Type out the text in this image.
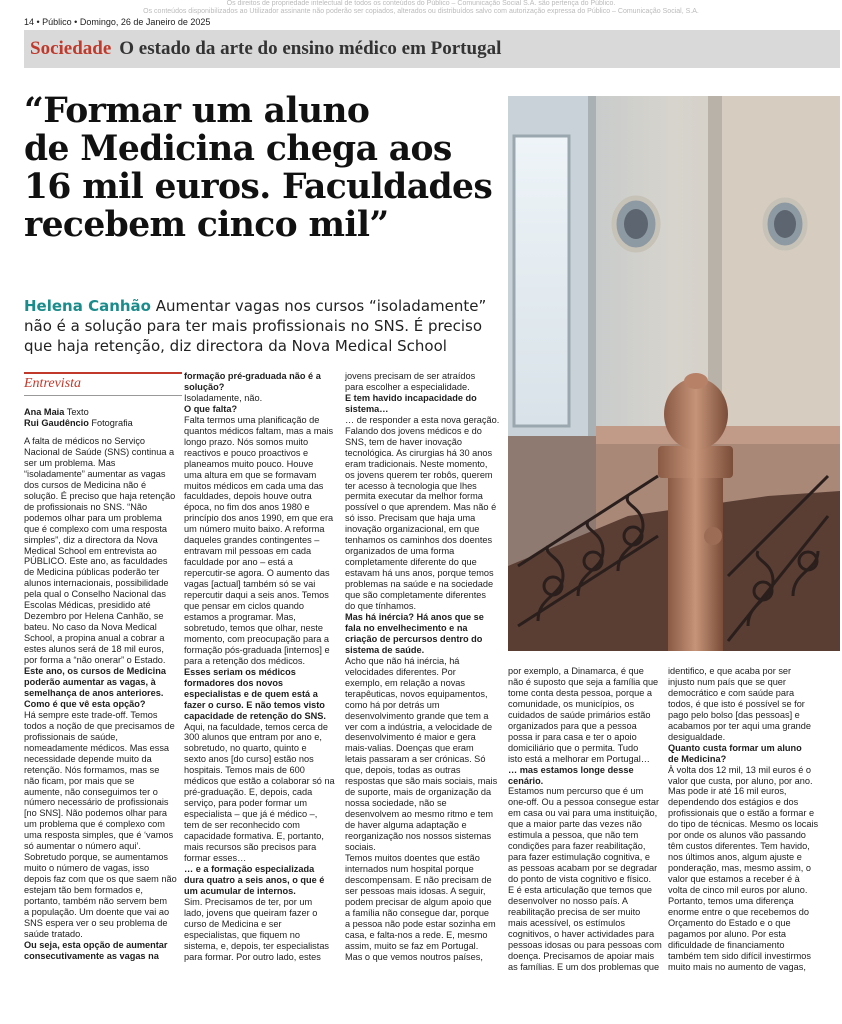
Os direitos de propriedade intelectual de todos os conteúdos do Público – Comunicação Social S.A. são pertença do Público.
Os conteúdos disponibilizados ao Utilizador assinante não poderão ser copiados, alterados ou distribuídos salvo com autorização expressa do Público – Comunicação Social, S.A.
14 • Público • Domingo, 26 de Janeiro de 2025
Sociedade O estado da arte do ensino médico em Portugal
“Formar um aluno
de Medicina chega aos
16 mil euros. Faculdades
recebem cinco mil”
Helena Canhão Aumentar vagas nos cursos “isoladamente”
não é a solução para ter mais profissionais no SNS. É preciso
que haja retenção, diz directora da Nova Medical School
Entrevista
Ana Maia Texto
Rui Gaudêncio Fotografia
A falta de médicos no Serviço
Nacional de Saúde (SNS) continua a
ser um problema. Mas
“isoladamente” aumentar as vagas
dos cursos de Medicina não é
solução. É preciso que haja retenção
de profissionais no SNS. “Não
podemos olhar para um problema
que é complexo com uma resposta
simples”, diz a directora da Nova
Medical School em entrevista ao
PÚBLICO. Este ano, as faculdades
de Medicina públicas poderão ter
alunos internacionais, possibilidade
pela qual o Conselho Nacional das
Escolas Médicas, presidido até
Dezembro por Helena Canhão, se
bateu. No caso da Nova Medical
School, a propina anual a cobrar a
estes alunos será de 18 mil euros,
por forma a “não onerar” o Estado.
Este ano, os cursos de Medicina
poderão aumentar as vagas, à
semelhança de anos anteriores.
Como é que vê esta opção?
Há sempre este trade-off. Temos
todos a noção de que precisamos de
profissionais de saúde,
nomeadamente médicos. Mas essa
necessidade depende muito da
retenção. Nós formamos, mas se
não ficam, por mais que se
aumente, não conseguimos ter o
número necessário de profissionais
[no SNS]. Não podemos olhar para
um problema que é complexo com
uma resposta simples, que é ‘vamos
só aumentar o número aqui’.
Sobretudo porque, se aumentamos
muito o número de vagas, isso
depois faz com que os que saem não
estejam tão bem formados e,
portanto, também não servem bem
a população. Um doente que vai ao
SNS espera ver o seu problema de
saúde tratado.
Ou seja, esta opção de aumentar
consecutivamente as vagas na
formação pré-graduada não é a
solução?
Isoladamente, não.
O que falta?
Falta termos uma planificação de
quantos médicos faltam, mas a mais
longo prazo. Nós somos muito
reactivos e pouco proactivos e
planeamos muito pouco. Houve
uma altura em que se formavam
muitos médicos em cada uma das
faculdades, depois houve outra
época, no fim dos anos 1980 e
princípio dos anos 1990, em que era
um número muito baixo. A reforma
daqueles grandes contingentes –
entravam mil pessoas em cada
faculdade por ano – está a
repercutir-se agora. O aumento das
vagas [actual] também só se vai
repercutir daqui a seis anos. Temos
que pensar em ciclos quando
estamos a programar. Mas,
sobretudo, temos que olhar, neste
momento, com preocupação para a
formação pós-graduada [internos] e
para a retenção dos médicos.
Esses seriam os médicos
formadores dos novos
especialistas e de quem está a
fazer o curso. E não temos visto
capacidade de retenção do SNS.
Aqui, na faculdade, temos cerca de
300 alunos que entram por ano e,
sobretudo, no quarto, quinto e
sexto anos [do curso] estão nos
hospitais. Temos mais de 600
médicos que estão a colaborar só na
pré-graduação. E, depois, cada
serviço, para poder formar um
especialista – que já é médico –,
tem de ser reconhecido com
capacidade formativa. E, portanto,
mais recursos são precisos para
formar esses…
… e a formação especializada
dura quatro a seis anos, o que é
um acumular de internos.
Sim. Precisamos de ter, por um
lado, jovens que queiram fazer o
curso de Medicina e ser
especialistas, que fiquem no
sistema, e, depois, ter especialistas
para formar. Por outro lado, estes
jovens precisam de ser atraídos
para escolher a especialidade.
E tem havido incapacidade do
sistema…
… de responder a esta nova geração.
Falando dos jovens médicos e do
SNS, tem de haver inovação
tecnológica. As cirurgias há 30 anos
eram tradicionais. Neste momento,
os jovens querem ter robôs, querem
ter acesso à tecnologia que lhes
permita executar da melhor forma
possível o que aprendem. Mas não é
só isso. Precisam que haja uma
inovação organizacional, em que
tenhamos os caminhos dos doentes
organizados de uma forma
completamente diferente do que
estavam há uns anos, porque temos
problemas na saúde e na sociedade
que são completamente diferentes
do que tínhamos.
Mas há inércia? Há anos que se
fala no envelhecimento e na
criação de percursos dentro do
sistema de saúde.
Acho que não há inércia, há
velocidades diferentes. Por
exemplo, em relação a novas
terapêuticas, novos equipamentos,
como há por detrás um
desenvolvimento grande que tem a
ver com a indústria, a velocidade de
desenvolvimento é maior e gera
mais-valias. Doenças que eram
letais passaram a ser crónicas. Só
que, depois, todas as outras
respostas que são mais sociais, mais
de suporte, mais de organização da
nossa sociedade, não se
desenvolvem ao mesmo ritmo e tem
de haver alguma adaptação e
reorganização nos nossos sistemas
sociais.
Temos muitos doentes que estão
internados num hospital porque
descompensam. E não precisam de
ser pessoas mais idosas. A seguir,
podem precisar de algum apoio que
a família não consegue dar, porque
a pessoa não pode estar sozinha em
casa, e falta-nos a rede. E, mesmo
assim, muito se faz em Portugal.
Mas o que vemos noutros países,
por exemplo, a Dinamarca, é que
não é suposto que seja a família que
tome conta desta pessoa, porque a
comunidade, os municípios, os
cuidados de saúde primários estão
organizados para que a pessoa
possa ir para casa e ter o apoio
domiciliário que o permita. Tudo
isto está a melhorar em Portugal…
… mas estamos longe desse
cenário.
Estamos num percurso que é um
one-off. Ou a pessoa consegue estar
em casa ou vai para uma instituição,
que a maior parte das vezes não
estimula a pessoa, que não tem
condições para fazer reabilitação,
para fazer estimulação cognitiva, e
as pessoas acabam por se degradar
do ponto de vista cognitivo e físico.
E é esta articulação que temos que
desenvolver no nosso país. A
reabilitação precisa de ser muito
mais acessível, os estímulos
cognitivos, o haver actividades para
pessoas idosas ou para pessoas com
doença. Precisamos de apoiar mais
as famílias. E um dos problemas que
identifico, e que acaba por ser
injusto num país que se quer
democrático e com saúde para
todos, é que isto é possível se for
pago pelo bolso [das pessoas] e
acabamos por ter aqui uma grande
desigualdade.
Quanto custa formar um aluno
de Medicina?
À volta dos 12 mil, 13 mil euros é o
valor que custa, por aluno, por ano.
Mas pode ir até 16 mil euros,
dependendo dos estágios e dos
profissionais que o estão a formar e
do tipo de técnicas. Mesmo os locais
por onde os alunos vão passando
têm custos diferentes. Tem havido,
nos últimos anos, algum ajuste e
ponderação, mas, mesmo assim, o
valor que estamos a receber é à
volta de cinco mil euros por aluno.
Portanto, temos uma diferença
enorme entre o que recebemos do
Orçamento do Estado e o que
pagamos por aluno. Por esta
dificuldade de financiamento
também tem sido difícil investirmos
muito mais no aumento de vagas,
